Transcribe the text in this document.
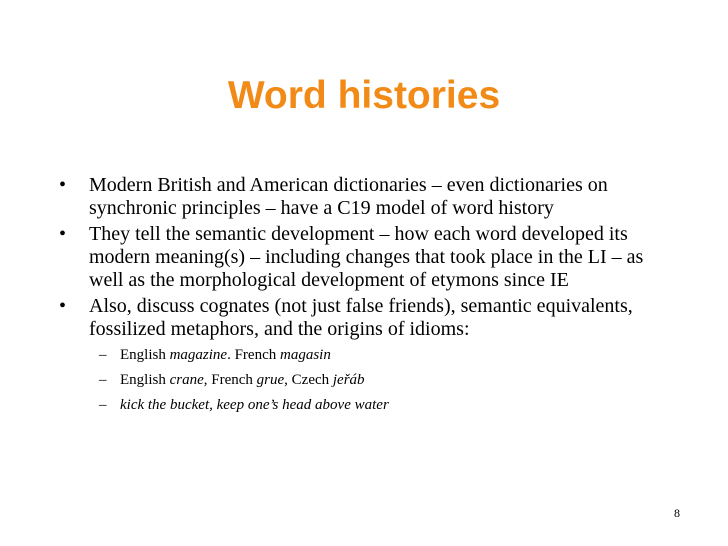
Word histories
• Modern British and American dictionaries – even dictionaries on synchronic principles – have a C19 model of word history
• They tell the semantic development – how each word developed its modern meaning(s) – including changes that took place in the LI – as well as the morphological development of etymons since IE
• Also, discuss cognates (not just false friends), semantic equivalents, fossilized metaphors, and the origins of idioms:
– English magazine. French magasin
– English crane, French grue, Czech jeřáb
– kick the bucket, keep one’s head above water
8
